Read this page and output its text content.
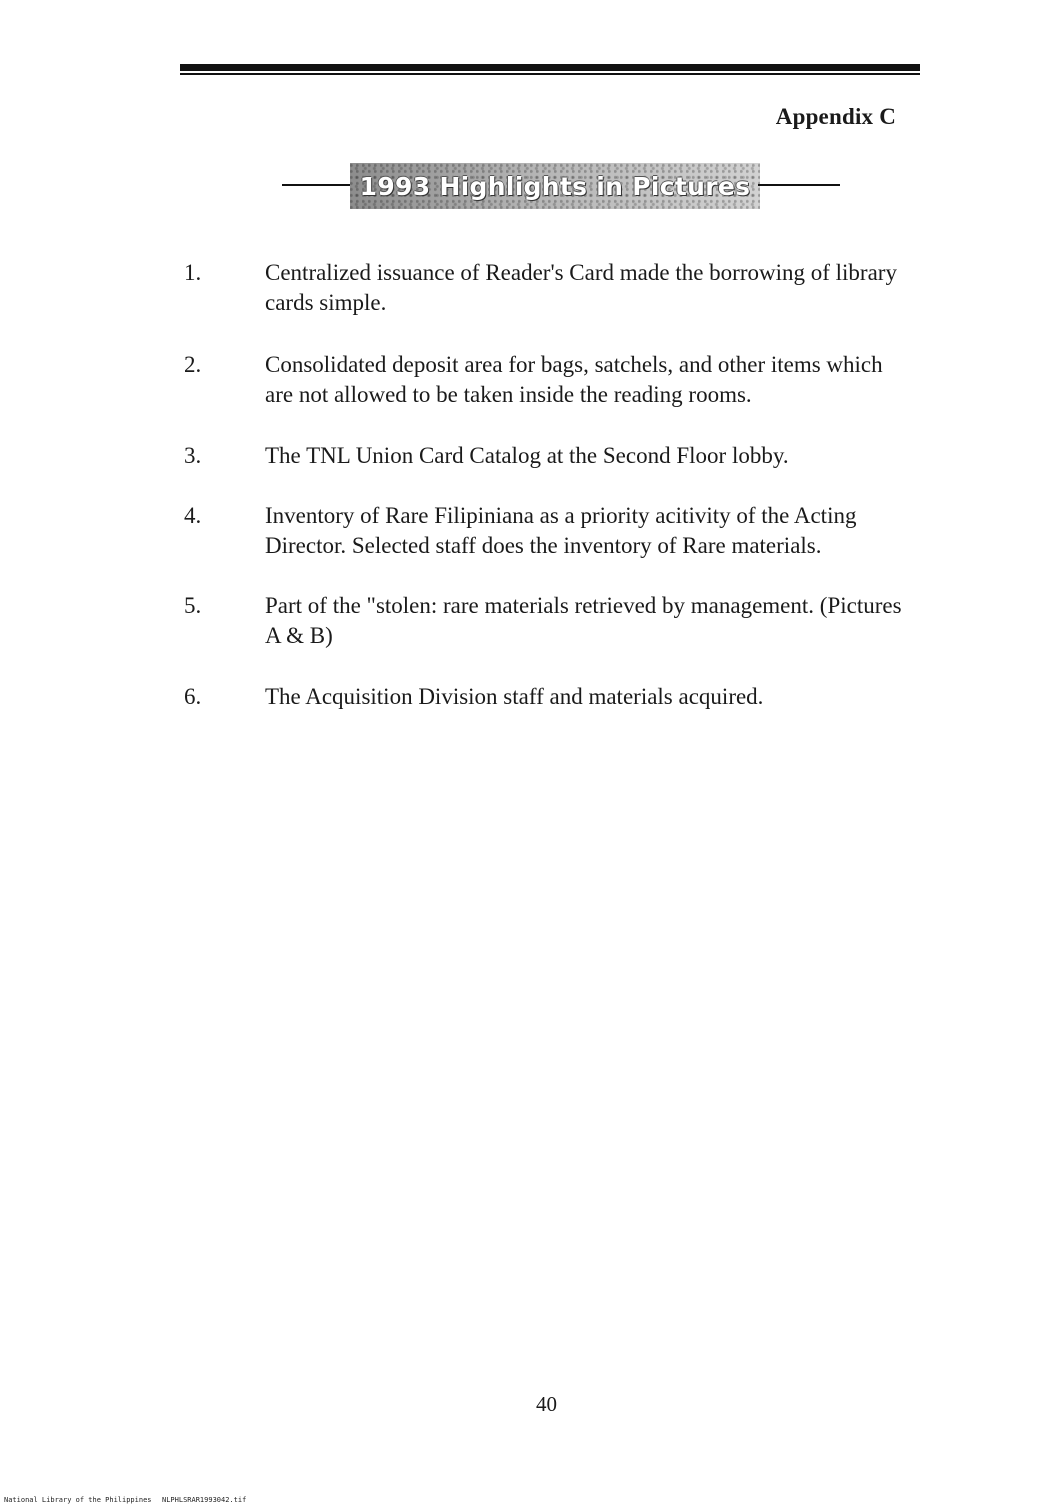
Appendix C
1993 Highlights in Pictures
1.	Centralized issuance of Reader's Card made the borrowing of library cards simple.
2.	Consolidated deposit area for bags, satchels, and other items which are not allowed to be taken inside the reading rooms.
3.	The TNL Union Card Catalog at the Second Floor lobby.
4.	Inventory of Rare Filipiniana as a priority acitivity of the Acting Director. Selected staff does the inventory of Rare materials.
5.	Part of the "stolen: rare materials retrieved by management. (Pictures A & B)
6.	The Acquisition Division staff and materials acquired.
40
National Library of the Philippines NLPHLSRAR1993042.tif
